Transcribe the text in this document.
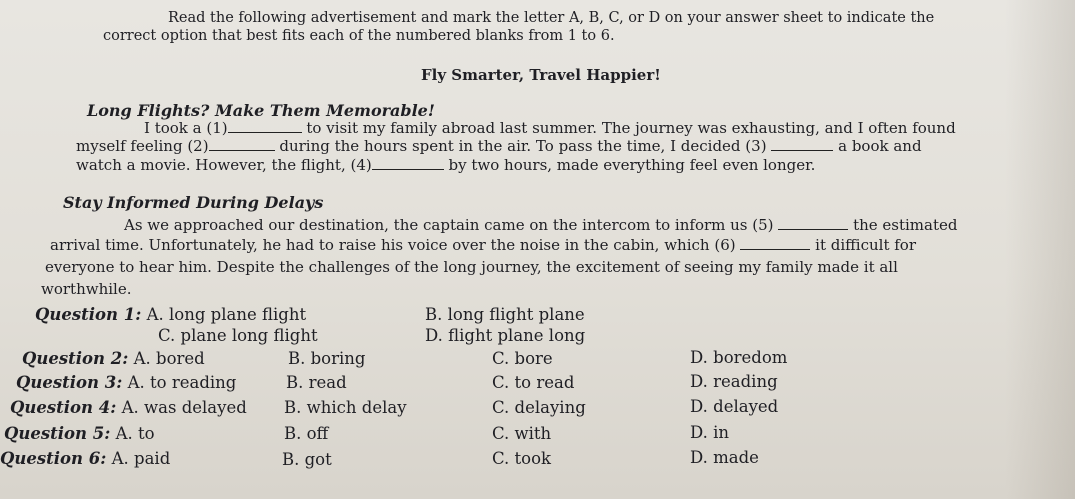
Read the following advertisement and mark the letter A, B, C, or D on your answer sheet to indicate the
correct option that best fits each of the numbered blanks from 1 to 6.
Fly Smarter, Travel Happier!
Long Flights? Make Them Memorable!
I took a (1)	to visit my family abroad last summer. The journey was exhausting, and I often found
myself feeling (2)	during the hours spent in the air. To pass the time, I decided (3)	a book and
watch a movie. However, the flight, (4)	by two hours, made everything feel even longer.
Stay Informed During Delays
As we approached our destination, the captain came on the intercom to inform us (5)	the estimated
arrival time. Unfortunately, he had to raise his voice over the noise in the cabin, which (6)	it difficult for
everyone to hear him. Despite the challenges of the long journey, the excitement of seeing my family made it all
worthwhile.
Question 1: A. long plane flight	B. long flight plane
C. plane long flight	D. flight plane long
Question 2: A. bored	B. boring	C. bore	D. boredom
Question 3: A. to reading	B. read	C. to read	D. reading
Question 4: A. was delayed B. which delay	C. delaying	D. delayed
Question 5: A. to	B. off	C. with	D. in
Question 6: A. paid	B. got	C. took	D. made
